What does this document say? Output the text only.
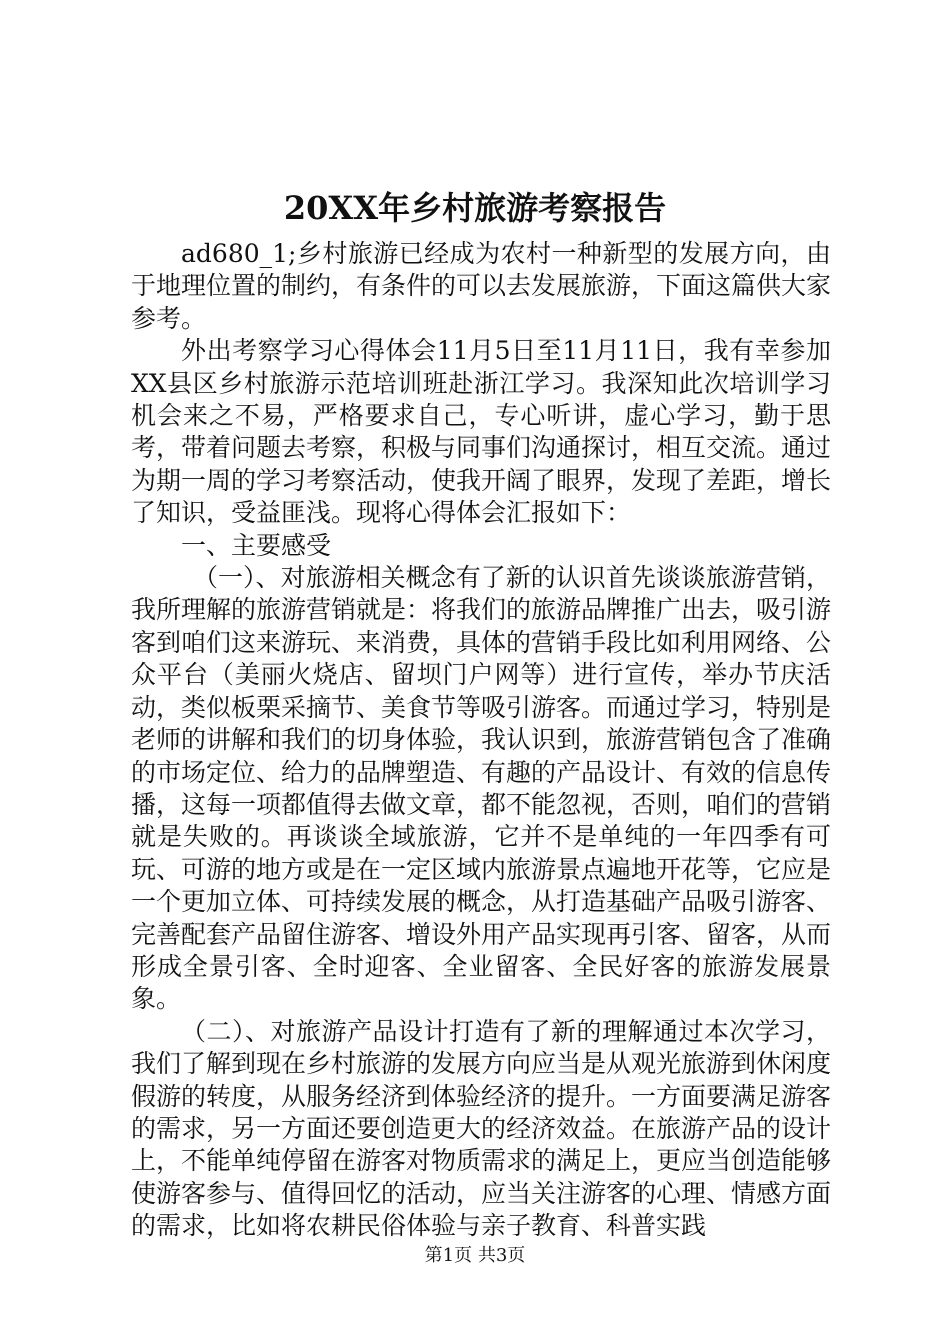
20XX年乡村旅游考察报告

ad680_1;乡村旅游已经成为农村一种新型的发展方向，由于地理位置的制约，有条件的可以去发展旅游，下面这篇供大家参考。

外出考察学习心得体会11月5日至11月11日，我有幸参加XX县区乡村旅游示范培训班赴浙江学习。我深知此次培训学习机会来之不易，严格要求自己，专心听讲，虚心学习，勤于思考，带着问题去考察，积极与同事们沟通探讨，相互交流。通过为期一周的学习考察活动，使我开阔了眼界，发现了差距，增长了知识，受益匪浅。现将心得体会汇报如下：

一、主要感受

（一）、对旅游相关概念有了新的认识首先谈谈旅游营销，我所理解的旅游营销就是：将我们的旅游品牌推广出去，吸引游客到咱们这来游玩、来消费，具体的营销手段比如利用网络、公众平台（美丽火烧店、留坝门户网等）进行宣传，举办节庆活动，类似板栗采摘节、美食节等吸引游客。而通过学习，特别是老师的讲解和我们的切身体验，我认识到，旅游营销包含了准确的市场定位、给力的品牌塑造、有趣的产品设计、有效的信息传播，这每一项都值得去做文章，都不能忽视，否则，咱们的营销就是失败的。再谈谈全域旅游，它并不是单纯的一年四季有可玩、可游的地方或是在一定区域内旅游景点遍地开花等，它应是一个更加立体、可持续发展的概念，从打造基础产品吸引游客、完善配套产品留住游客、增设外用产品实现再引客、留客，从而形成全景引客、全时迎客、全业留客、全民好客的旅游发展景象。

（二）、对旅游产品设计打造有了新的理解通过本次学习，我们了解到现在乡村旅游的发展方向应当是从观光旅游到休闲度假游的转度，从服务经济到体验经济的提升。一方面要满足游客的需求，另一方面还要创造更大的经济效益。在旅游产品的设计上，不能单纯停留在游客对物质需求的满足上，更应当创造能够使游客参与、值得回忆的活动，应当关注游客的心理、情感方面的需求，比如将农耕民俗体验与亲子教育、科普实践

第1页 共3页
